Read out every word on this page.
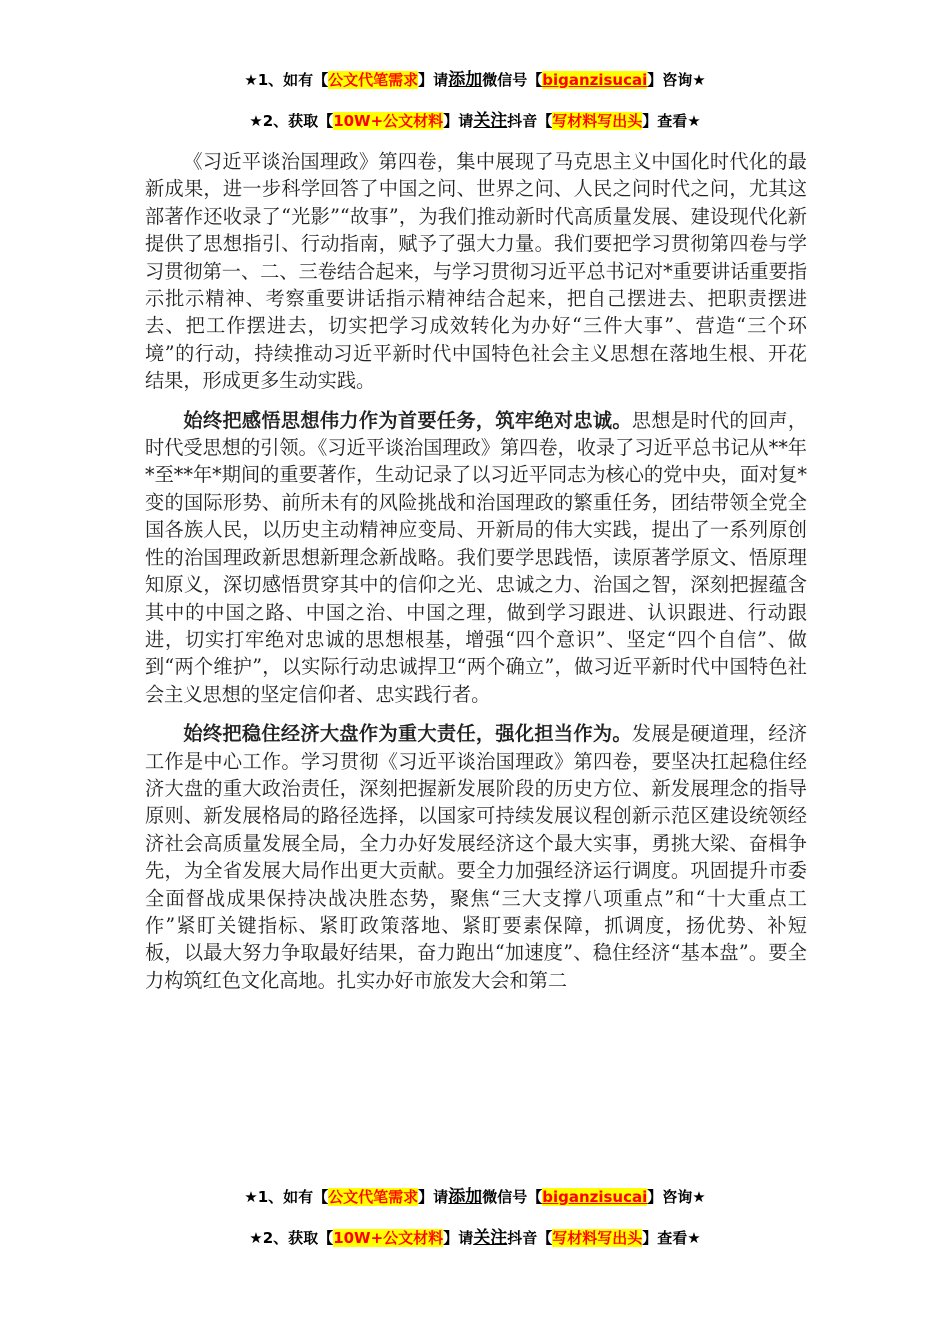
★1、如有【公文代笔需求】请添加微信号【biganzisucai】咨询★
★2、获取【10W+公文材料】请关注抖音【写材料写出头】查看★

《习近平谈治国理政》第四卷，集中展现了马克思主义中国化时代化的最新成果，进一步科学回答了中国之问、世界之问、人民之问时代之问，尤其这部著作还收录了“光影”“故事”，为我们推动新时代高质量发展、建设现代化新提供了思想指引、行动指南，赋予了强大力量。我们要把学习贯彻第四卷与学习贯彻第一、二、三卷结合起来，与学习贯彻习近平总书记对*重要讲话重要指示批示精神、考察重要讲话指示精神结合起来，把自己摆进去、把职责摆进去、把工作摆进去，切实把学习成效转化为办好“三件大事”、营造“三个环境”的行动，持续推动习近平新时代中国特色社会主义思想在落地生根、开花结果，形成更多生动实践。

始终把感悟思想伟力作为首要任务，筑牢绝对忠诚。思想是时代的回声，时代受思想的引领。《习近平谈治国理政》第四卷，收录了习近平总书记从**年*至**年*期间的重要著作，生动记录了以习近平同志为核心的党中央，面对复*变的国际形势、前所未有的风险挑战和治国理政的繁重任务，团结带领全党全国各族人民，以历史主动精神应变局、开新局的伟大实践，提出了一系列原创性的治国理政新思想新理念新战略。我们要学思践悟，读原著学原文、悟原理知原义，深切感悟贯穿其中的信仰之光、忠诚之力、治国之智，深刻把握蕴含其中的中国之路、中国之治、中国之理，做到学习跟进、认识跟进、行动跟进，切实打牢绝对忠诚的思想根基，增强“四个意识”、坚定“四个自信”、做到“两个维护”，以实际行动忠诚捍卫“两个确立”，做习近平新时代中国特色社会主义思想的坚定信仰者、忠实践行者。

始终把稳住经济大盘作为重大责任，强化担当作为。发展是硬道理，经济工作是中心工作。学习贯彻《习近平谈治国理政》第四卷，要坚决扛起稳住经济大盘的重大政治责任，深刻把握新发展阶段的历史方位、新发展理念的指导原则、新发展格局的路径选择，以国家可持续发展议程创新示范区建设统领经济社会高质量发展全局，全力办好发展经济这个最大实事，勇挑大梁、奋楫争先，为全省发展大局作出更大贡献。要全力加强经济运行调度。巩固提升市委全面督战成果保持决战决胜态势，聚焦“三大支撑八项重点”和“十大重点工作”紧盯关键指标、紧盯政策落地、紧盯要素保障，抓调度，扬优势、补短板，以最大努力争取最好结果，奋力跑出“加速度”、稳住经济“基本盘”。要全力构筑红色文化高地。扎实办好市旅发大会和第二

★1、如有【公文代笔需求】请添加微信号【biganzisucai】咨询★
★2、获取【10W+公文材料】请关注抖音【写材料写出头】查看★
